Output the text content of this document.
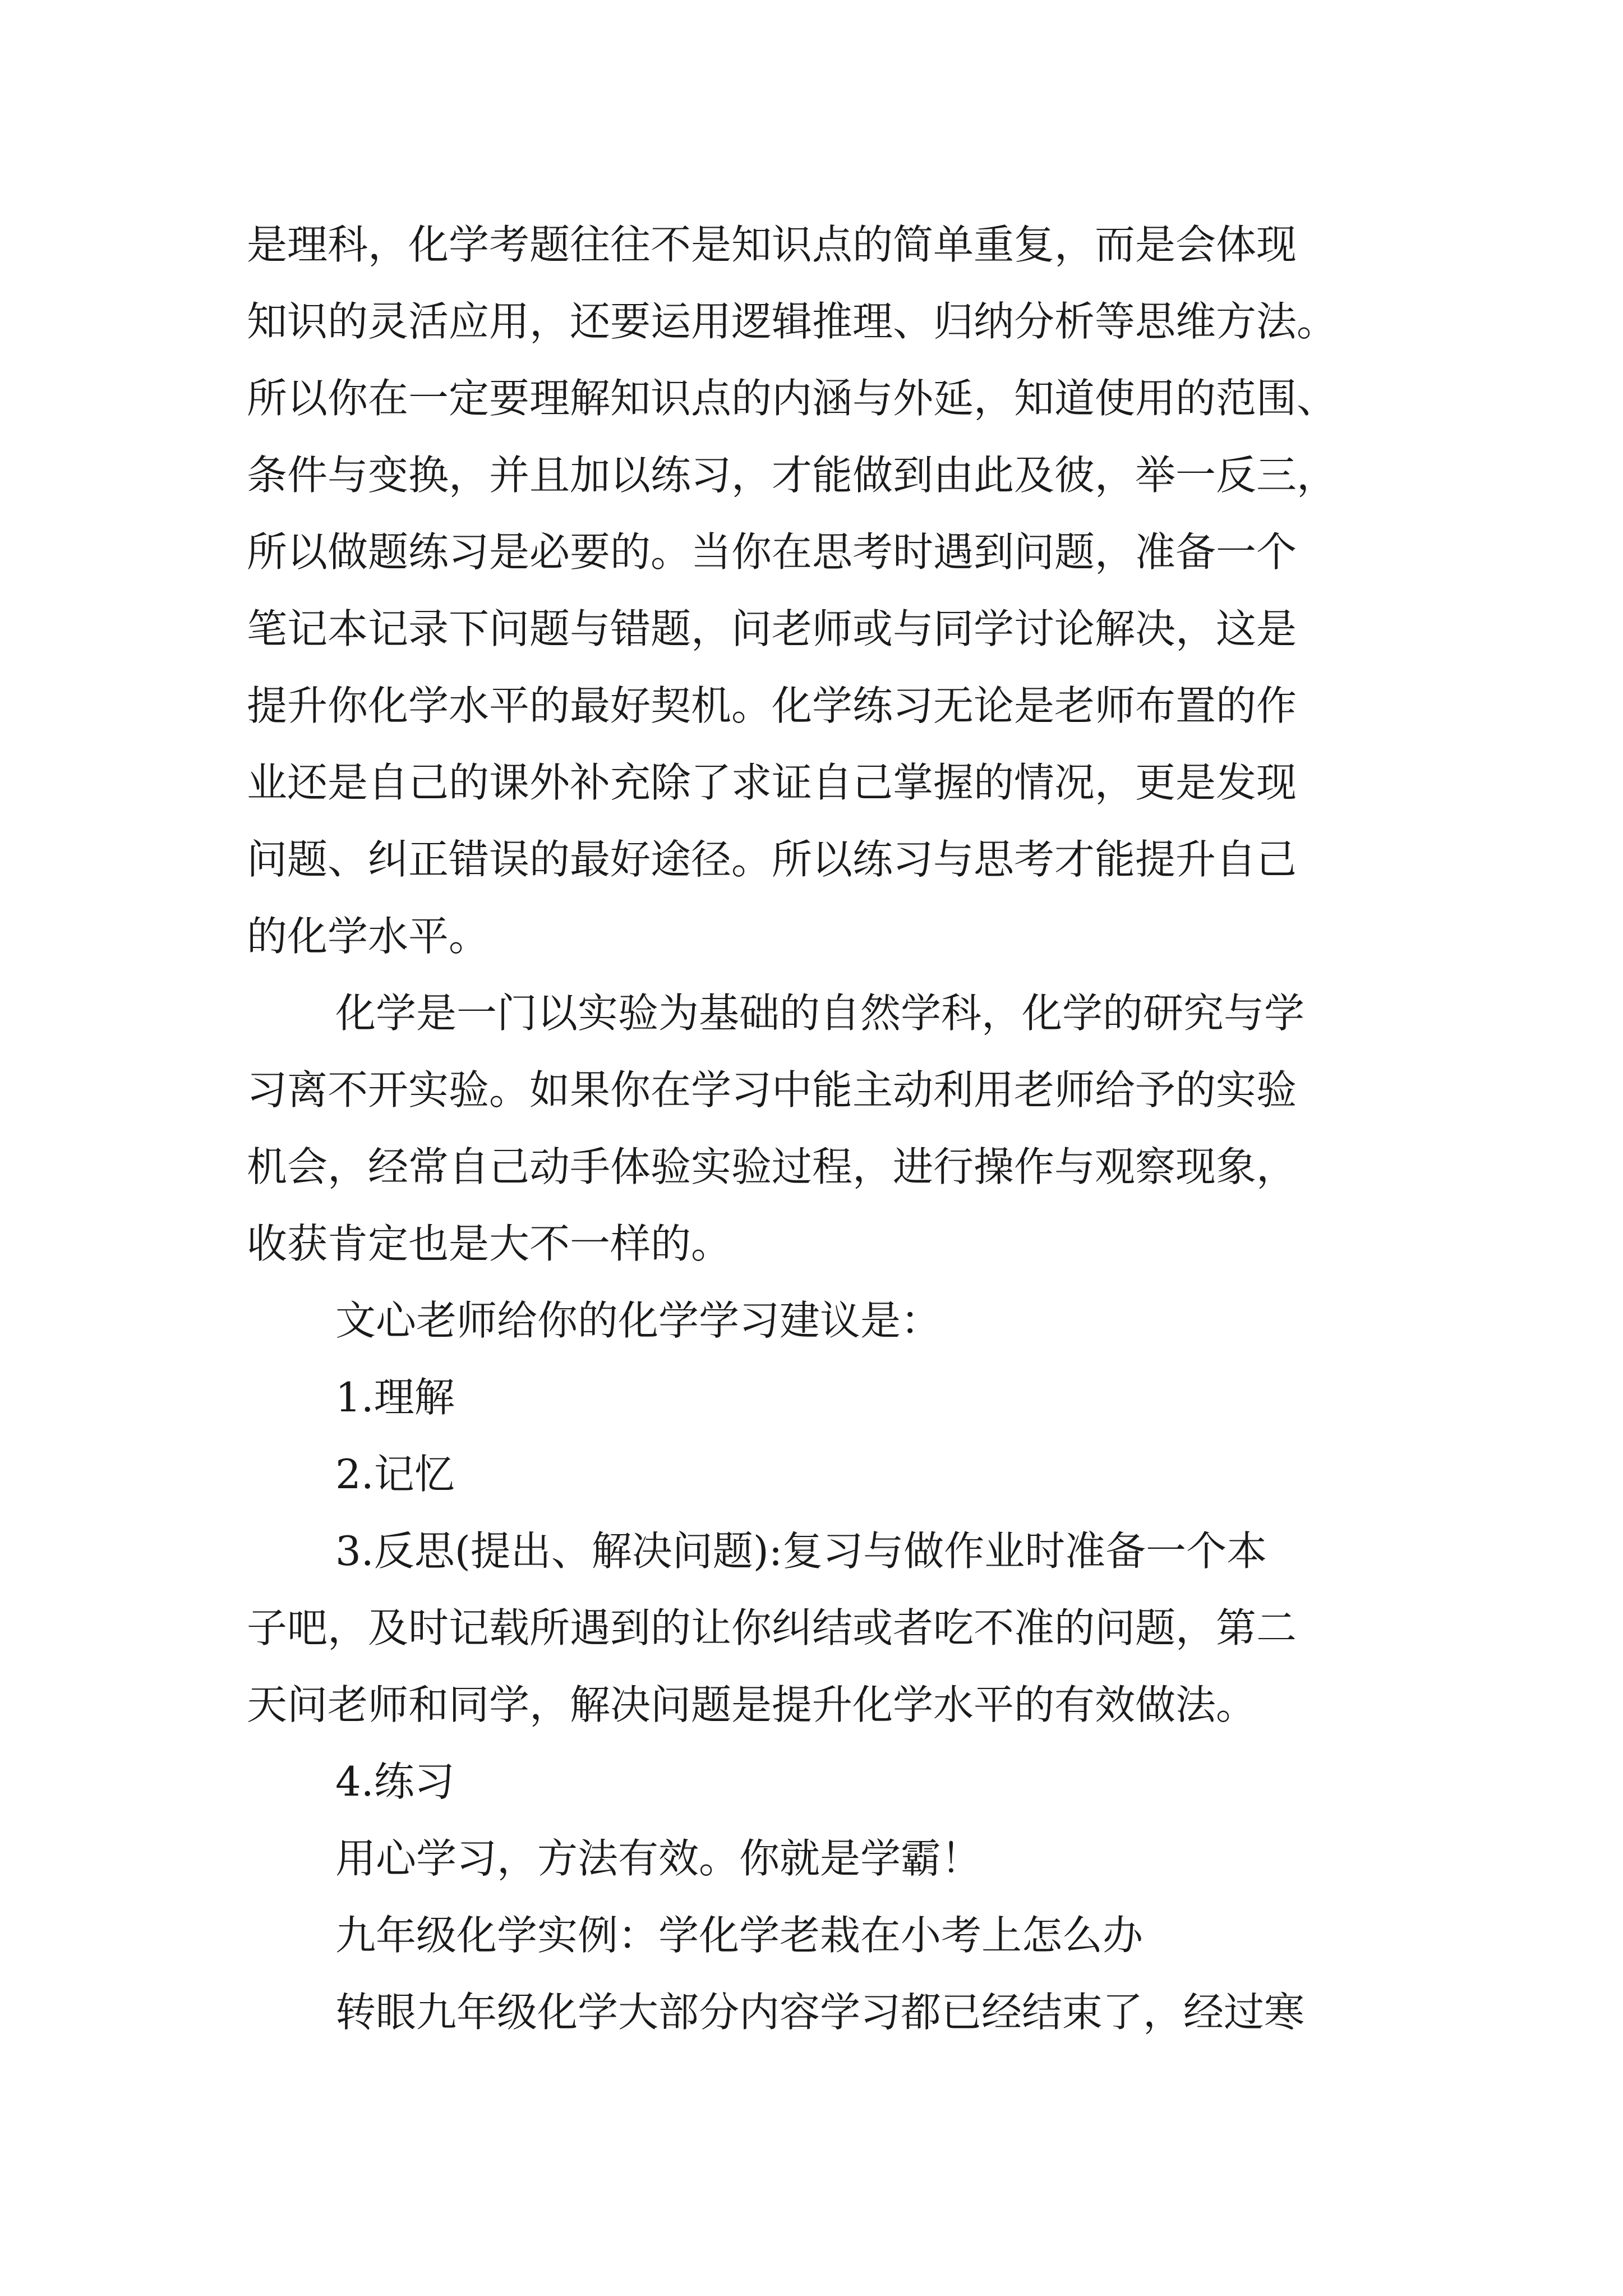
是理科，化学考题往往不是知识点的简单重复，而是会体现
知识的灵活应用，还要运用逻辑推理、归纳分析等思维方法。
所以你在一定要理解知识点的内涵与外延，知道使用的范围、
条件与变换，并且加以练习，才能做到由此及彼，举一反三，
所以做题练习是必要的。当你在思考时遇到问题，准备一个
笔记本记录下问题与错题，问老师或与同学讨论解决，这是
提升你化学水平的最好契机。化学练习无论是老师布置的作
业还是自己的课外补充除了求证自己掌握的情况，更是发现
问题、纠正错误的最好途径。所以练习与思考才能提升自己
的化学水平。
化学是一门以实验为基础的自然学科，化学的研究与学
习离不开实验。如果你在学习中能主动利用老师给予的实验
机会，经常自己动手体验实验过程，进行操作与观察现象，
收获肯定也是大不一样的。
文心老师给你的化学学习建议是：
1.理解
2.记忆
3.反思(提出、解决问题):复习与做作业时准备一个本
子吧，及时记载所遇到的让你纠结或者吃不准的问题，第二
天问老师和同学，解决问题是提升化学水平的有效做法。
4.练习
用心学习，方法有效。你就是学霸！
九年级化学实例：学化学老栽在小考上怎么办
转眼九年级化学大部分内容学习都已经结束了，经过寒
